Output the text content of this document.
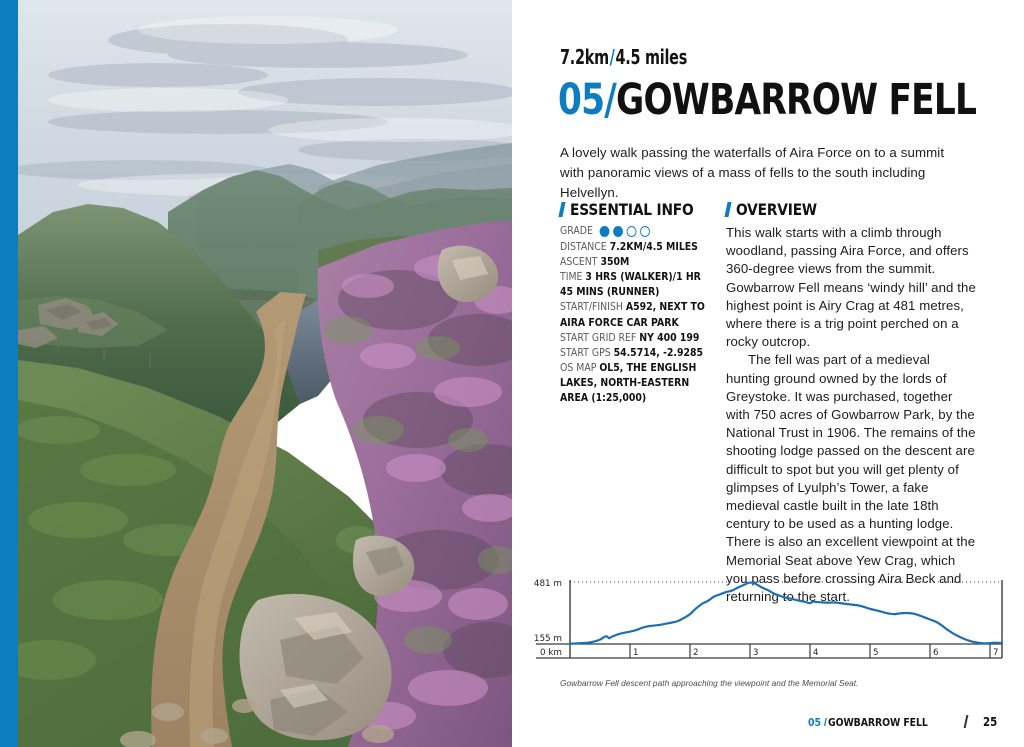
7.2km/4.5 miles
05/GOWBARROW FELL

A lovely walk passing the waterfalls of Aira Force on to a summit with panoramic views of a mass of fells to the south including Helvellyn.

ESSENTIAL INFO
GRADE
DISTANCE 7.2KM/4.5 MILES
ASCENT 350M
TIME 3 HRS (WALKER)/1 HR 45 MINS (RUNNER)
START/FINISH A592, NEXT TO AIRA FORCE CAR PARK
START GRID REF NY 400 199
START GPS 54.5714, -2.9285
OS MAP OL5, THE ENGLISH LAKES, NORTH-EASTERN AREA (1:25,000)
OVERVIEW

This walk starts with a climb through woodland, passing Aira Force, and offers 360-degree views from the summit. Gowbarrow Fell means ‘windy hill’ and the highest point is Airy Crag at 481 metres, where there is a trig point perched on a rocky outcrop.

The fell was part of a medieval hunting ground owned by the lords of Greystoke. It was purchased, together with 750 acres of Gowbarrow Park, by the National Trust in 1906. The remains of the shooting lodge passed on the descent are difficult to spot but you will get plenty of glimpses of Lyulph’s Tower, a fake medieval castle built in the late 18th century to be used as a hunting lodge. There is also an excellent viewpoint at the Memorial Seat above Yew Crag, which you pass before crossing Aira Beck and returning to the start.

1	2	3	4	5	6	7
481 m
155 m
0 km
Gowbarrow Fell descent path approaching the viewpoint and the Memorial Seat.
05 / GOWBARROW FELL	25
